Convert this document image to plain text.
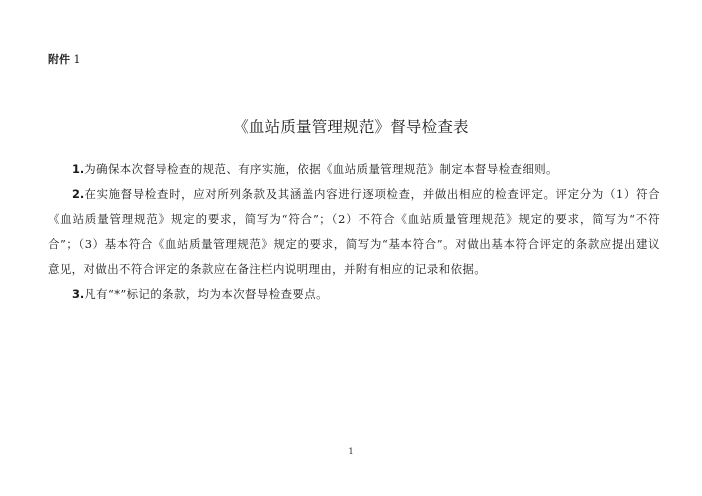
附件 1
《血站质量管理规范》督导检查表

1.为确保本次督导检查的规范、有序实施，依据《血站质量管理规范》制定本督导检查细则。

2.在实施督导检查时，应对所列条款及其涵盖内容进行逐项检查，并做出相应的检查评定。评定分为（1）符合《血站质量管理规范》规定的要求，简写为“符合”；（2）不符合《血站质量管理规范》规定的要求，简写为“不符合”；（3）基本符合《血站质量管理规范》规定的要求，简写为“基本符合”。对做出基本符合评定的条款应提出建议意见，对做出不符合评定的条款应在备注栏内说明理由，并附有相应的记录和依据。

3.凡有“*”标记的条款，均为本次督导检查要点。

1
